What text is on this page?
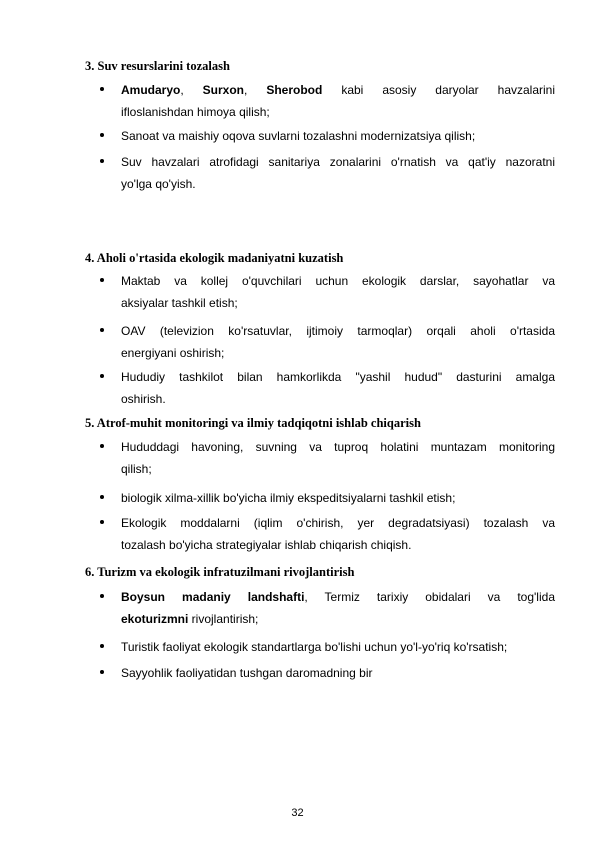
3. Suv resurslarini tozalash
Amudaryo, Surxon, Sherobod kabi asosiy daryolar havzalarini
ifloslanishdan himoya qilish;
Sanoat va maishiy oqova suvlarni tozalashni modernizatsiya qilish;
Suv havzalari atrofidagi sanitariya zonalarini o'rnatish va qat'iy nazoratni
yo'lga qo'yish.
4. Aholi o'rtasida ekologik madaniyatni kuzatish
Maktab va kollej o'quvchilari uchun ekologik darslar, sayohatlar va
aksiyalar tashkil etish;
OAV (televizion ko'rsatuvlar, ijtimoiy tarmoqlar) orqali aholi o'rtasida
energiyani oshirish;
Hududiy tashkilot bilan hamkorlikda "yashil hudud" dasturini amalga
oshirish.
5. Atrof-muhit monitoringi va ilmiy tadqiqotni ishlab chiqarish
Hududdagi havoning, suvning va tuproq holatini muntazam monitoring
qilish;
biologik xilma-xillik bo'yicha ilmiy ekspeditsiyalarni tashkil etish;
Ekologik moddalarni (iqlim o'chirish, yer degradatsiyasi) tozalash va
tozalash bo'yicha strategiyalar ishlab chiqarish chiqish.
6. Turizm va ekologik infratuzilmani rivojlantirish
Boysun madaniy landshafti, Termiz tarixiy obidalari va tog'lida
ekoturizmni rivojlantirish;
Turistik faoliyat ekologik standartlarga bo'lishi uchun yo'l-yo'riq ko'rsatish;
Sayyohlik faoliyatidan tushgan daromadning bir
32
